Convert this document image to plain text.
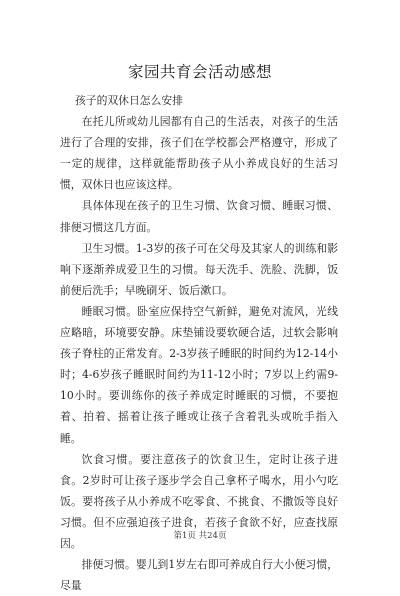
家园共育会活动感想

孩子的双休日怎么安排

在托儿所或幼儿园都有自己的生活表，对孩子的生活进行了合理的安排，孩子们在学校都会严格遵守，形成了一定的规律，这样就能帮助孩子从小养成良好的生活习惯，双休日也应该这样。

具体体现在孩子的卫生习惯、饮食习惯、睡眠习惯、排便习惯这几方面。

卫生习惯。1-3岁的孩子可在父母及其家人的训练和影响下逐渐养成爱卫生的习惯。每天洗手、洗脸、洗脚，饭前便后洗手；早晚刷牙、饭后漱口。

睡眠习惯。卧室应保持空气新鲜，避免对流风，光线应略暗，环境要安静。床垫铺设要软硬合适，过软会影响孩子脊柱的正常发育。2-3岁孩子睡眠的时间约为12-14小时；4-6岁孩子睡眠时间约为11-12小时；7岁以上约需9-10小时。要训练你的孩子养成定时睡眠的习惯，不要抱着、拍着、摇着让孩子睡或让孩子含着乳头或吮手指入睡。

饮食习惯。要注意孩子的饮食卫生，定时让孩子进食。2岁时可让孩子逐步学会自己拿杯子喝水，用小勺吃饭。要将孩子从小养成不吃零食、不挑食、不撒饭等良好习惯。但不应强迫孩子进食，若孩子食欲不好，应查找原因。

排便习惯。婴儿到1岁左右即可养成自行大小便习惯，尽量

第1页 共24页
